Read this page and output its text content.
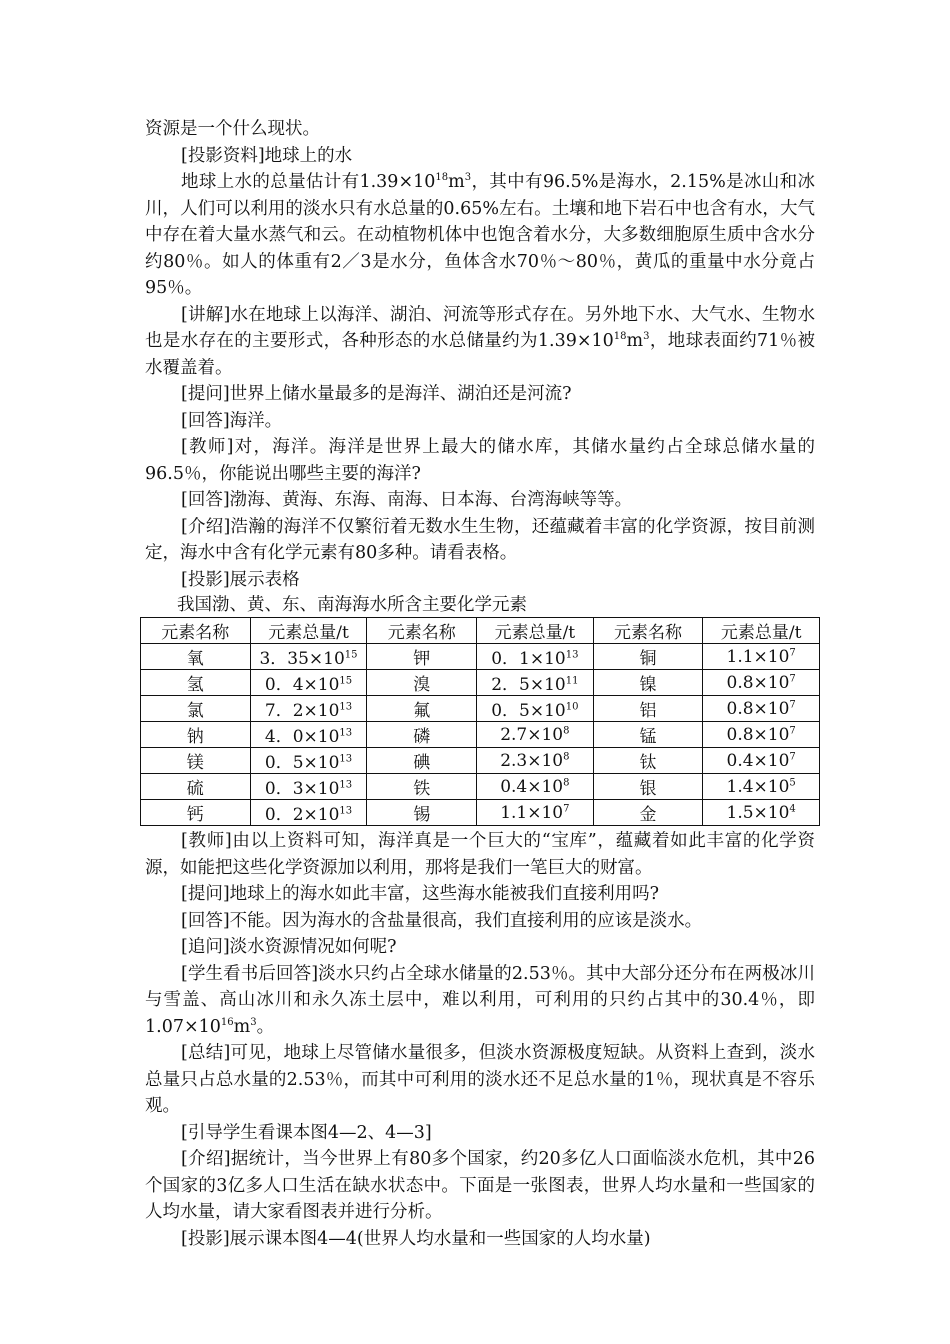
资源是一个什么现状。

[投影资料]地球上的水

地球上水的总量估计有$1.39\times 10^{18}m^3$，其中有96.5%是海水，2.15%是冰山和冰川，人们可以利用的淡水只有水总量的0.65%左右。土壤和地下岩石中也含有水，大气中存在着大量水蒸气和云。在动植物机体中也饱含着水分，大多数细胞原生质中含水分约80％。如人的体重有2／3是水分，鱼体含水70％～80％，黄瓜的重量中水分竟占95％。

[讲解]水在地球上以海洋、湖泊、河流等形式存在。另外地下水、大气水、生物水也是水存在的主要形式，各种形态的水总储量约为$1.39\times 10^{18}m^3$，地球表面约71％被水覆盖着。

[提问]世界上储水量最多的是海洋、湖泊还是河流?

[回答]海洋。

[教师]对，海洋。海洋是世界上最大的储水库，其储水量约占全球总储水量的96.5％，你能说出哪些主要的海洋?

[回答]渤海、黄海、东海、南海、日本海、台湾海峡等等。

[介绍]浩瀚的海洋不仅繁衍着无数水生生物，还蕴藏着丰富的化学资源，按目前测定，海水中含有化学元素有80多种。请看表格。

[投影]展示表格

我国渤、黄、东、南海海水所含主要化学元素

元素名称	元素总量/t	元素名称	元素总量/t	元素名称	元素总量/t
氧	3．$35\times 10^{15}$	钾	0．$1\times 10^{13}$	铜	$1.1\times 10^7$
氢	0．$4\times 10^{15}$	溴	2．$5\times 10^{11}$	镍	$0.8\times 10^7$
氯	7．$2\times 10^{13}$	氟	0．$5\times 10^{10}$	铝	$0.8\times 10^7$
钠	4．$0\times 10^{13}$	磷	$2.7\times 10^8$	锰	$0.8\times 10^7$
镁	0．$5\times 10^{13}$	碘	$2.3\times 10^8$	钛	$0.4\times 10^7$
硫	0．$3\times 10^{13}$	铁	$0.4\times 10^8$	银	$1.4\times 10^5$
钙	0．$2\times 10^{13}$	锡	$1.1\times 10^7$	金	$1.5\times 10^4$

[教师]由以上资料可知，海洋真是一个巨大的“宝库”，蕴藏着如此丰富的化学资源，如能把这些化学资源加以利用，那将是我们一笔巨大的财富。

[提问]地球上的海水如此丰富，这些海水能被我们直接利用吗?

[回答]不能。因为海水的含盐量很高，我们直接利用的应该是淡水。

[追问]淡水资源情况如何呢?

[学生看书后回答]淡水只约占全球水储量的2.53％。其中大部分还分布在两极冰川与雪盖、高山冰川和永久冻土层中，难以利用，可利用的只约占其中的30.4％，即$1.07\times 10^{16}m^3$。

[总结]可见，地球上尽管储水量很多，但淡水资源极度短缺。从资料上查到，淡水总量只占总水量的2.53％，而其中可利用的淡水还不足总水量的1％，现状真是不容乐观。

[引导学生看课本图4—2、4—3]

[介绍]据统计，当今世界上有80多个国家，约20多亿人口面临淡水危机，其中26个国家的3亿多人口生活在缺水状态中。下面是一张图表，世界人均水量和一些国家的人均水量，请大家看图表并进行分析。

[投影]展示课本图4—4(世界人均水量和一些国家的人均水量)
